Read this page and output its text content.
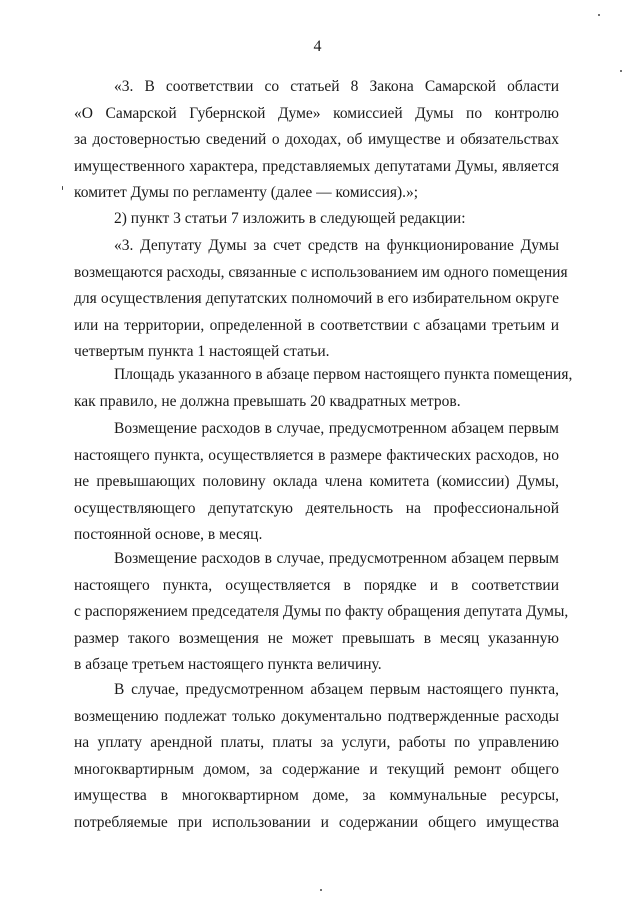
4
«3. В соответствии со статьей 8 Закона Самарской области
«О Самарской Губернской Думе» комиссией Думы по контролю
за достоверностью сведений о доходах, об имуществе и обязательствах
имущественного характера, представляемых депутатами Думы, является
комитет Думы по регламенту (далее — комиссия).»;
2) пункт 3 статьи 7 изложить в следующей редакции:
«3. Депутату Думы за счет средств на функционирование Думы
возмещаются расходы, связанные с использованием им одного помещения
для осуществления депутатских полномочий в его избирательном округе
или на территории, определенной в соответствии с абзацами третьим и
четвертым пункта 1 настоящей статьи.
Площадь указанного в абзаце первом настоящего пункта помещения,
как правило, не должна превышать 20 квадратных метров.
Возмещение расходов в случае, предусмотренном абзацем первым
настоящего пункта, осуществляется в размере фактических расходов, но
не превышающих половину оклада члена комитета (комиссии) Думы,
осуществляющего депутатскую деятельность на профессиональной
постоянной основе, в месяц.
Возмещение расходов в случае, предусмотренном абзацем первым
настоящего пункта, осуществляется в порядке и в соответствии
с распоряжением председателя Думы по факту обращения депутата Думы,
размер такого возмещения не может превышать в месяц указанную
в абзаце третьем настоящего пункта величину.
В случае, предусмотренном абзацем первым настоящего пункта,
возмещению подлежат только документально подтвержденные расходы
на уплату арендной платы, платы за услуги, работы по управлению
многоквартирным домом, за содержание и текущий ремонт общего
имущества в многоквартирном доме, за коммунальные ресурсы,
потребляемые при использовании и содержании общего имущества
